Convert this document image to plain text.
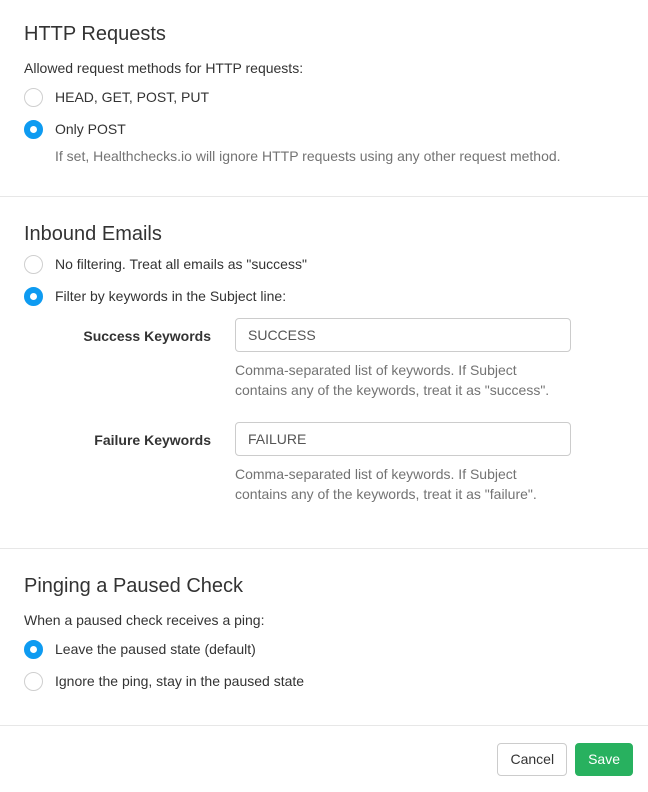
HTTP Requests
Allowed request methods for HTTP requests:
HEAD, GET, POST, PUT
Only POST
If set, Healthchecks.io will ignore HTTP requests using any other request method.
Inbound Emails
No filtering. Treat all emails as "success"
Filter by keywords in the Subject line:
Success Keywords
SUCCESS
Comma-separated list of keywords. If Subject contains any of the keywords, treat it as "success".
Failure Keywords
FAILURE
Comma-separated list of keywords. If Subject contains any of the keywords, treat it as "failure".
Pinging a Paused Check
When a paused check receives a ping:
Leave the paused state (default)
Ignore the ping, stay in the paused state
Cancel	Save
